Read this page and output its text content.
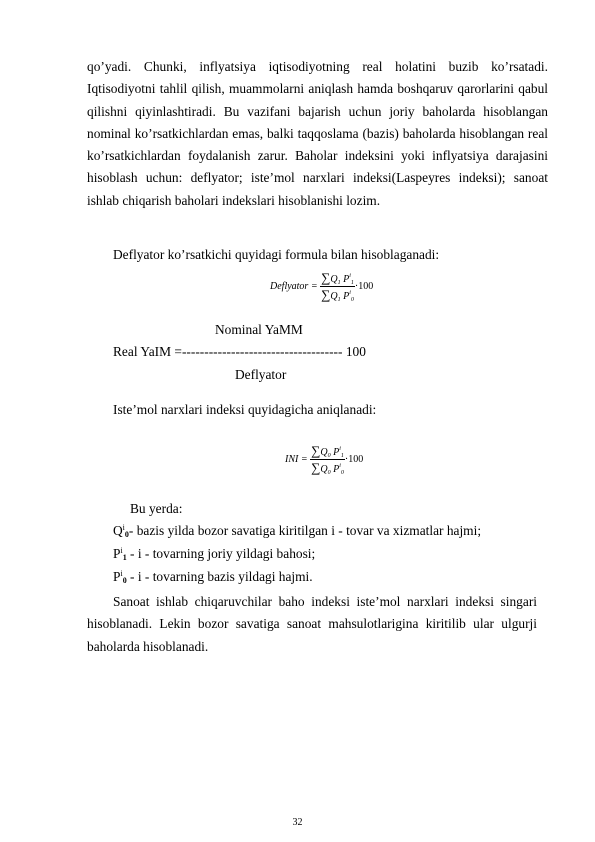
qo’yadi. Chunki, inflyatsiya iqtisodiyotning real holatini buzib ko’rsatadi. Iqtisodiyotni tahlil qilish, muammolarni aniqlash hamda boshqaruv qarorlarini qabul qilishni qiyinlashtiradi. Bu vazifani bajarish uchun joriy baholarda hisoblangan nominal ko’rsatkichlardan emas, balki taqqoslama (bazis) baholarda hisoblangan real ko’rsatkichlardan foydalanish zarur. Baholar indeksini yoki inflyatsiya darajasini hisoblash uchun: deflyator; iste’mol narxlari indeksi(Laspeyres indeksi); sanoat ishlab chiqarish baholari indekslari hisoblanishi lozim.
Deflyator ko’rsatkichi quyidagi formula bilan hisoblaganadi:
Deflyator = $\frac{\sum Q_1 P^i_1}{\sum Q_1 P^i_0} \cdot 100$
Nominal YaMM
Real YaIM =------------------------------------ 100
Deflyator
Iste’mol narxlari indeksi quyidagicha aniqlanadi:
INI = $\frac{\sum Q_0 P^i_1}{\sum Q_0 P^i_0} \cdot 100$
Bu yerda:
$Q^i_0-$ bazis yilda bozor savatiga kiritilgan i - tovar va xizmatlar hajmi;
$P^i_1$ - i - tovarning joriy yildagi bahosi;
$P^i_0$ - i - tovarning bazis yildagi hajmi.
Sanoat ishlab chiqaruvchilar baho indeksi iste’mol narxlari indeksi singari hisoblanadi. Lekin bozor savatiga sanoat mahsulotlarigina kiritilib ular ulgurji baholarda hisoblanadi.
32
